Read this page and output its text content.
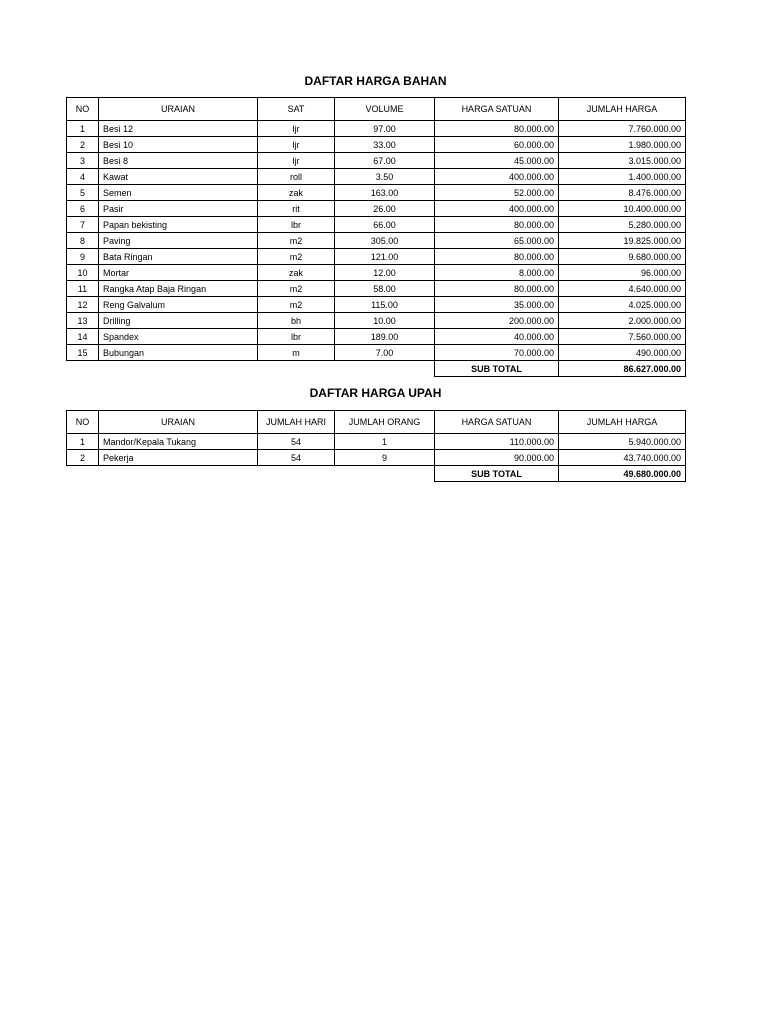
DAFTAR HARGA BAHAN
NO	URAIAN	SAT	VOLUME	HARGA SATUAN	JUMLAH HARGA
1	Besi 12	ljr	97.00	80.000.00	7.760.000.00
2	Besi 10	ljr	33.00	60.000.00	1.980.000.00
3	Besi 8	ljr	67.00	45.000.00	3.015.000.00
4	Kawat	roll	3.50	400.000.00	1.400.000.00
5	Semen	zak	163.00	52.000.00	8.476.000.00
6	Pasir	rit	26.00	400.000.00	10.400.000.00
7	Papan bekisting	lbr	66.00	80.000.00	5.280.000.00
8	Paving	m2	305.00	65.000.00	19.825.000.00
9	Bata Ringan	m2	121.00	80.000.00	9.680.000.00
10	Mortar	zak	12.00	8.000.00	96.000.00
11	Rangka Atap Baja Ringan	m2	58.00	80.000.00	4.640.000.00
12	Reng Galvalum	m2	115.00	35.000.00	4.025.000.00
13	Drilling	bh	10.00	200.000.00	2.000.000.00
14	Spandex	lbr	189.00	40.000.00	7.560.000.00
15	Bubungan	m	7.00	70.000.00	490.000.00
				SUB TOTAL	86.627.000.00
DAFTAR HARGA UPAH
NO	URAIAN	JUMLAH HARI	JUMLAH ORANG	HARGA SATUAN	JUMLAH HARGA
1	Mandor/Kepala Tukang	54	1	110.000.00	5.940.000.00
2	Pekerja	54	9	90.000.00	43.740.000.00
				SUB TOTAL	49.680.000.00
